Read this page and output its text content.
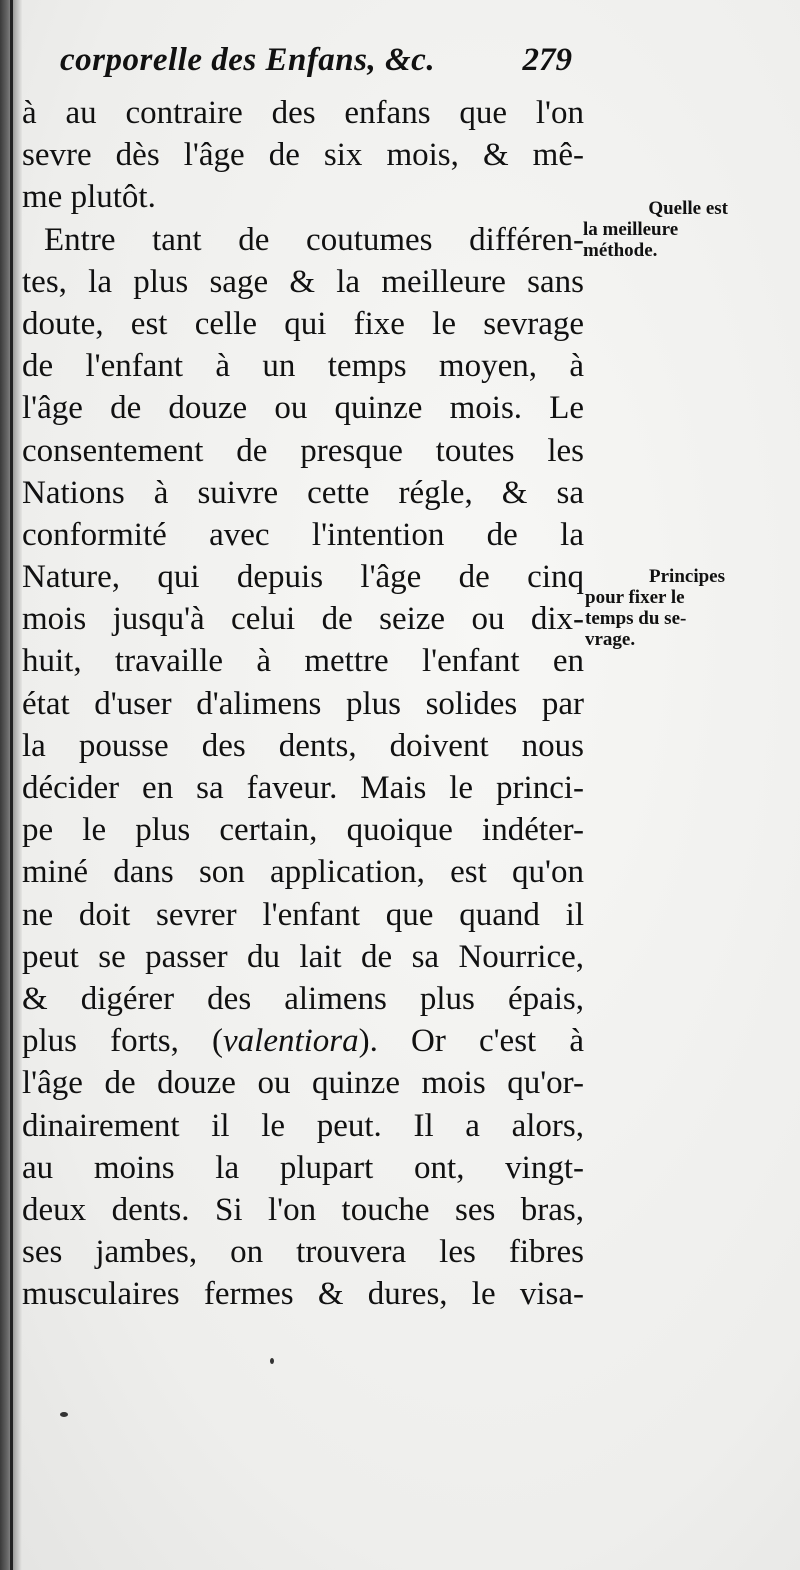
corporelle des Enfans, &c.	279
à au contraire des enfans que l'on
sevre dès l'âge de six mois, & mê-
me plutôt.
Entre tant de coutumes différen-
tes, la plus sage & la meilleure sans
doute, est celle qui fixe le sevrage
de l'enfant à un temps moyen, à
l'âge de douze ou quinze mois. Le
consentement de presque toutes les
Nations à suivre cette régle, & sa
conformité avec l'intention de la
Nature, qui depuis l'âge de cinq
mois jusqu'à celui de seize ou dix-
huit, travaille à mettre l'enfant en
état d'user d'alimens plus solides par
la pousse des dents, doivent nous
décider en sa faveur. Mais le princi-
pe le plus certain, quoique indéter-
miné dans son application, est qu'on
ne doit sevrer l'enfant que quand il
peut se passer du lait de sa Nourrice,
& digérer des alimens plus épais,
plus forts, (valentiora). Or c'est à
l'âge de douze ou quinze mois qu'or-
dinairement il le peut. Il a alors,
au moins la plupart ont, vingt-
deux dents. Si l'on touche ses bras,
ses jambes, on trouvera les fibres
musculaires fermes & dures, le visa-
Quelle est
la meilleure
méthode.
Principes
pour fixer le
temps du se-
vrage.
